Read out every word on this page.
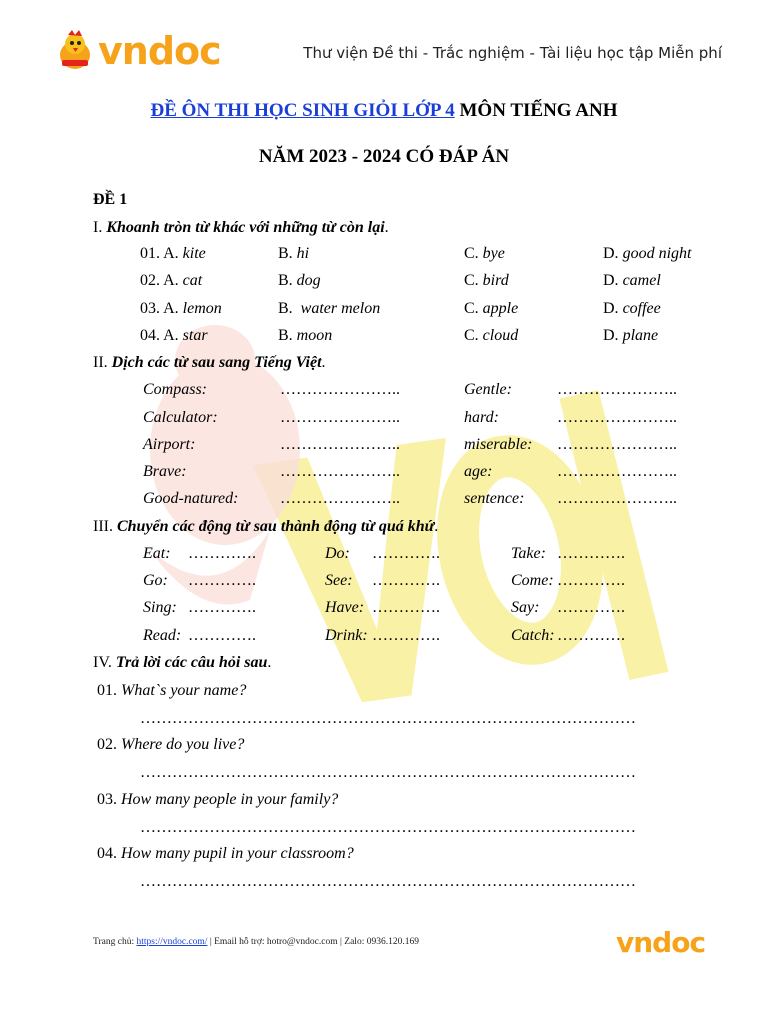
vndoc	Thư viện Đề thi - Trắc nghiệm - Tài liệu học tập Miễn phí
ĐỀ ÔN THI HỌC SINH GIỎI LỚP 4 MÔN TIẾNG ANH
NĂM 2023 - 2024 CÓ ĐÁP ÁN
ĐỀ 1
I. Khoanh tròn từ khác với những từ còn lại.
01. A. kite	B. hi	C. bye	D. good night
02. A. cat	B. dog	C. bird	D. camel
03. A. lemon	B.  water melon	C. apple	D. coffee
04. A. star	B. moon	C. cloud	D. plane
II. Dịch các từ sau sang Tiếng Việt.
Compass:	…………………..	Gentle:	…………………..
Calculator:	…………………..	hard:	…………………..
Airport:	…………………..	miserable: …………………..
Brave:	…………………..	age:	…………………..
Good-natured:	…………………..	sentence: …………………..
III. Chuyển các động từ sau thành động từ quá khứ.
Eat: ………….	Do: ………….	Take: ………….
Go: ………….	See: ………….	Come: ………….
Sing: ………….	Have: ………….	Say: ………….
Read: ………….	Drink: ………….	Catch: ………….
IV. Trả lời các câu hỏi sau.
01. What`s your name?
…………………………………………………………………………………
02. Where do you live?
…………………………………………………………………………………
03. How many people in your family?
…………………………………………………………………………………
04. How many pupil in your classroom?
…………………………………………………………………………………
Trang chủ: https://vndoc.com/ | Email hỗ trợ: hotro@vndoc.com | Zalo: 0936.120.169	vndoc
